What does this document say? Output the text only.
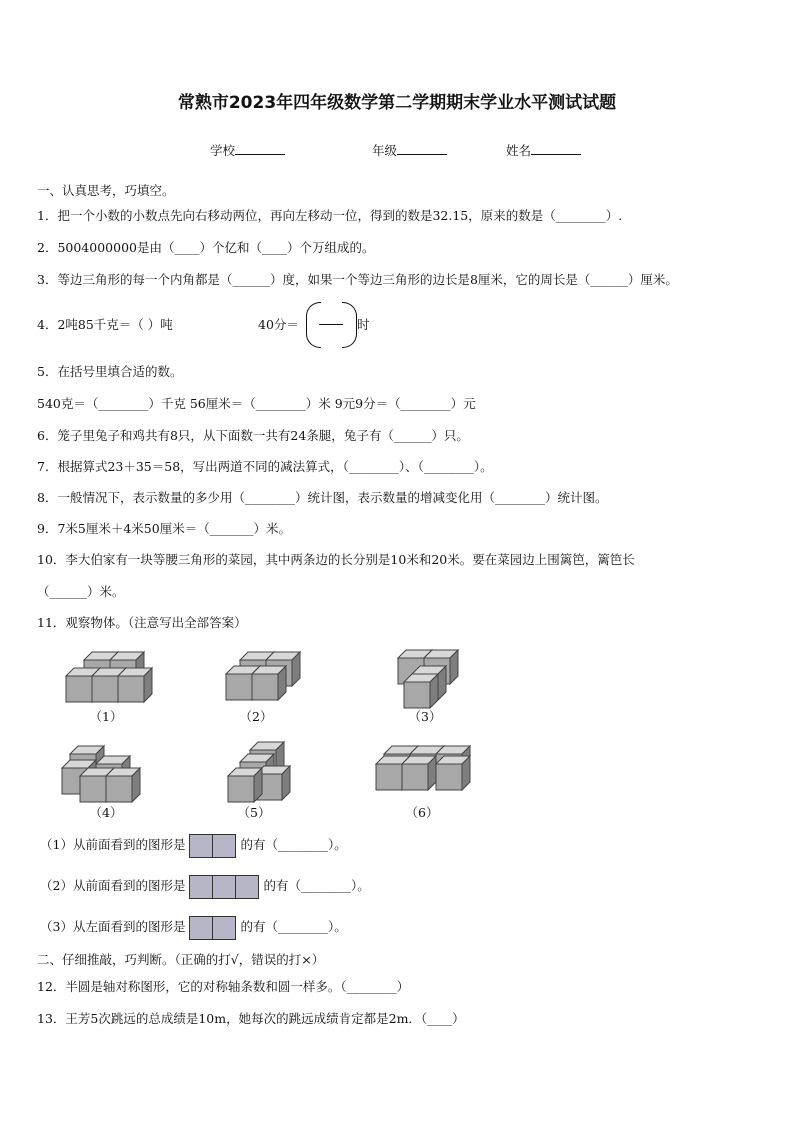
常熟市2023年四年级数学第二学期期末学业水平测试试题
学校	年级	姓名
一、认真思考，巧填空。
1．把一个小数的小数点先向右移动两位，再向左移动一位，得到的数是32.15，原来的数是（________）.
2．5004000000是由（____）个亿和（____）个万组成的。
3．等边三角形的每一个内角都是（______）度，如果一个等边三角形的边长是8厘米，它的周长是（______）厘米。
4．2吨85千克＝（ ）吨	40分＝	时
5．在括号里填合适的数。
540克＝（________）千克 56厘米＝（________）米 9元9分＝（________）元
6．笼子里兔子和鸡共有8只，从下面数一共有24条腿，兔子有（______）只。
7．根据算式23＋35＝58，写出两道不同的减法算式，（________）、（________）。
8．一般情况下，表示数量的多少用（________）统计图，表示数量的增减变化用（________）统计图。
9．7米5厘米＋4米50厘米＝（_______）米。
10．李大伯家有一块等腰三角形的菜园，其中两条边的长分别是10米和20米。要在菜园边上围篱笆，篱笆长
（______）米。
11．观察物体。（注意写出全部答案）
（1）	（2）	（3）
（4）	（5）	（6）
（1）从前面看到的图形是	的有（________）。
（2）从前面看到的图形是	的有（________）。
（3）从左面看到的图形是	的有（________）。
二、仔细推敲，巧判断。（正确的打√，错误的打×）
12．半圆是轴对称图形，它的对称轴条数和圆一样多。（________）
13．王芳5次跳远的总成绩是10m，她每次的跳远成绩肯定都是2m．（____）
